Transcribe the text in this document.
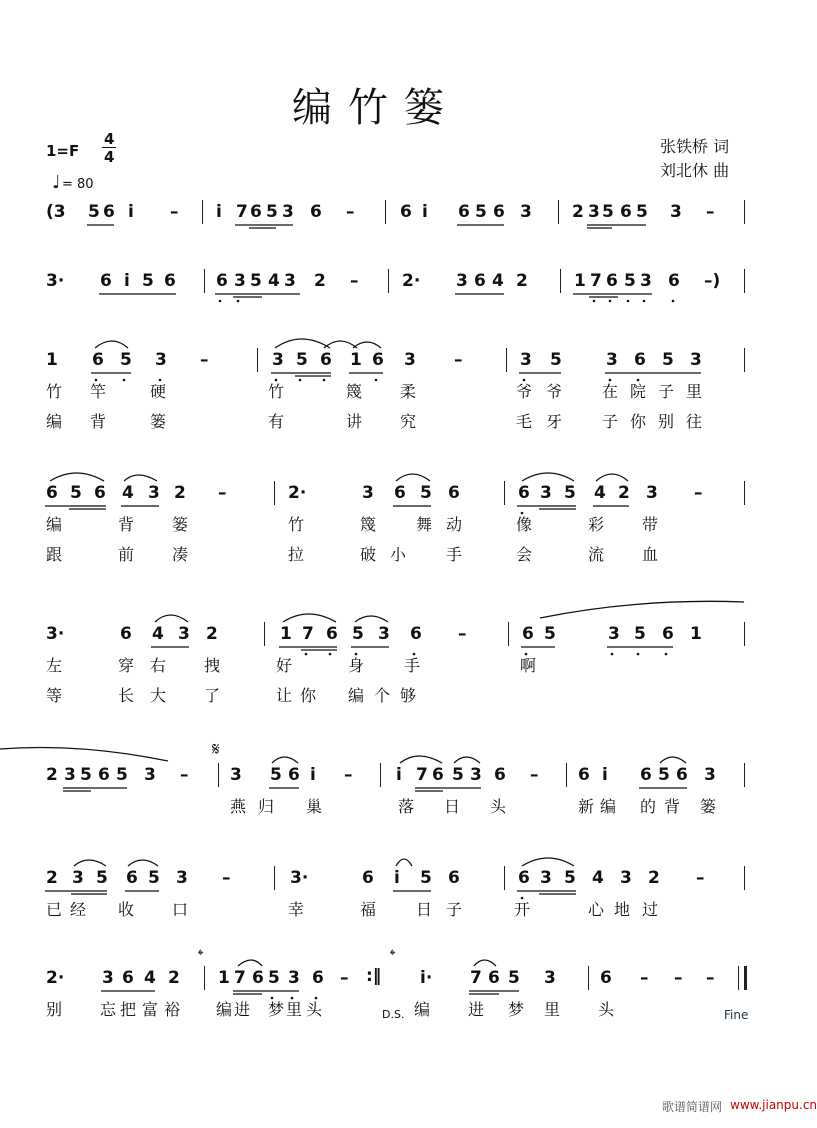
编竹篓
1=F
4
4
♩ = 80
张铁桥 词
刘北休 曲
(3 5 6 i – i 7 6 5 3 6 –	6 i 6 5 6 3 2 3 5 6 5 3 –
3· 6 i 5 6 6 3 5 4 3 2 –	2· 3 6 4 2	1 7 6 5 3 6 –)
1 6 5 3 –	3 5 6 1 6 3 –	3 5	3 6 5 3
竹 竿	硬	竹	篾 柔	爷 爷 在 院 子 里
编 背	篓	有	讲 究	毛 牙 子 你 别 往
6 5 6 4 3 2 –	2·	3 6 5 6	6 3 5 4 2 3 –
编	背 篓	竹	篾 舞 动	像	彩 带
跟	前 凑	拉	破 小 手	会	流 血
3·	6 4 3 2	1 7 6 5 3 6 –	6 5	3 5 6 1
左	穿 右 拽	好	身 手	啊
等	长 大 了	让 你 编 个 够
𝄋
2 3 5 6 5 3 – 3 5 6 i –	i 7 6 5 3 6 – 6 i 6 5 6 3
燕 归 巢	落 日 头	新 编 的 背 篓
2 3 5 6 5 3 –	3·	6 i 5 6	6 3 5 4 3 2 –
已 经 收 口	幸	福 日 子	开	心 地 过
𝄌	𝄌
2· 3 6 4 2 1 7 6 5 3 6 – :‖ i· 7 6 5 3	6 – – –
别 忘 把 富 裕 编 进 梦 里 头	D.S. 编 进 梦 里 头	Fine
歌谱简谱网 www.jianpu.cn
